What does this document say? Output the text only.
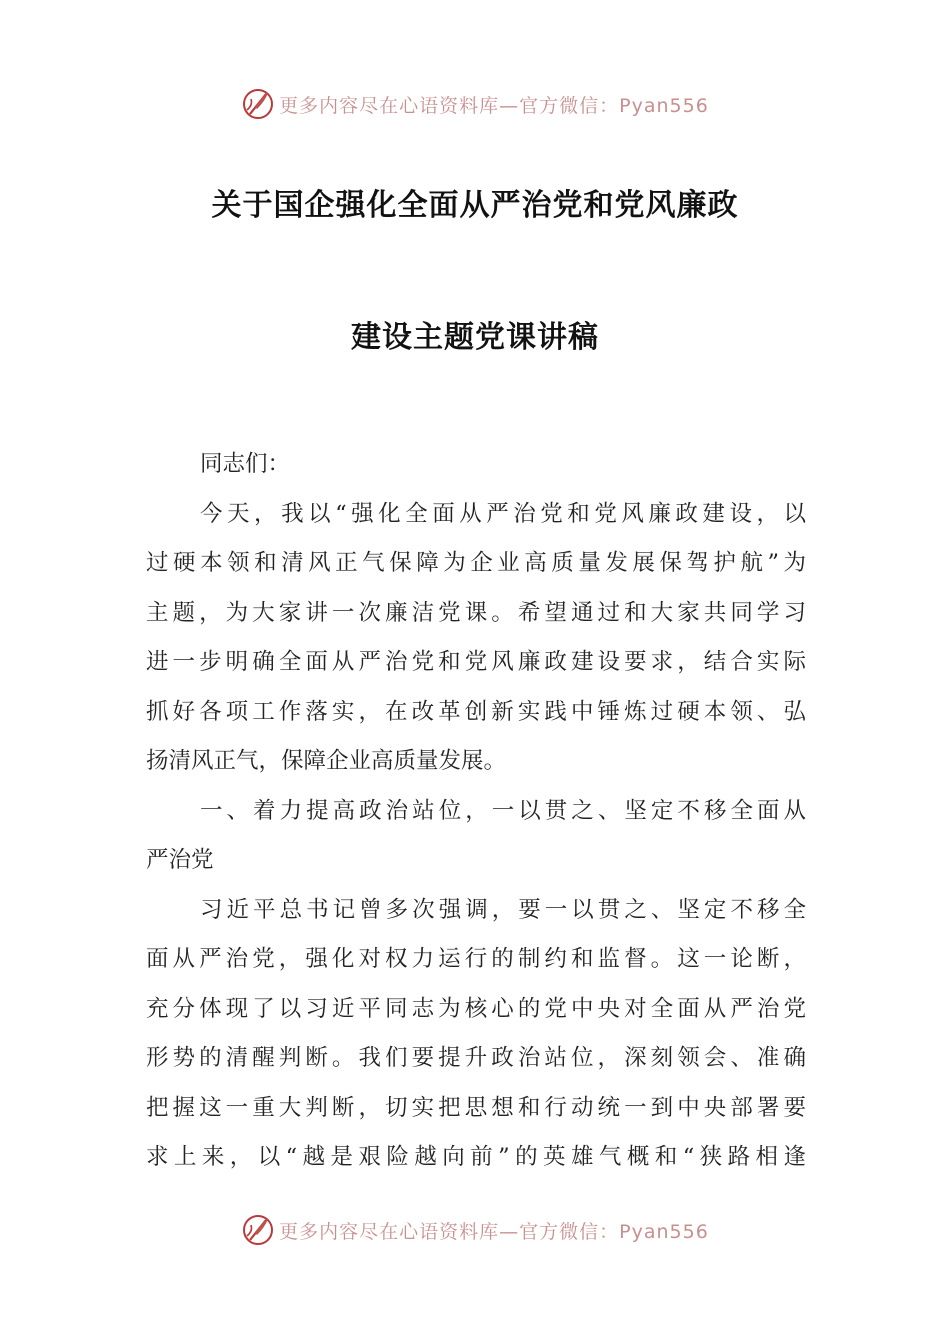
更多内容尽在心语资料库—官方微信：Pyan556
关于国企强化全面从严治党和党风廉政
建设主题党课讲稿
同志们：
今天，我以“强化全面从严治党和党风廉政建设，以
过硬本领和清风正气保障为企业高质量发展保驾护航”为
主题，为大家讲一次廉洁党课。希望通过和大家共同学习
进一步明确全面从严治党和党风廉政建设要求，结合实际
抓好各项工作落实，在改革创新实践中锤炼过硬本领、弘
扬清风正气，保障企业高质量发展。
一、着力提高政治站位，一以贯之、坚定不移全面从
严治党
习近平总书记曾多次强调，要一以贯之、坚定不移全
面从严治党，强化对权力运行的制约和监督。这一论断，
充分体现了以习近平同志为核心的党中央对全面从严治党
形势的清醒判断。我们要提升政治站位，深刻领会、准确
把握这一重大判断，切实把思想和行动统一到中央部署要
求上来，以“越是艰险越向前”的英雄气概和“狭路相逢
更多内容尽在心语资料库—官方微信：Pyan556
